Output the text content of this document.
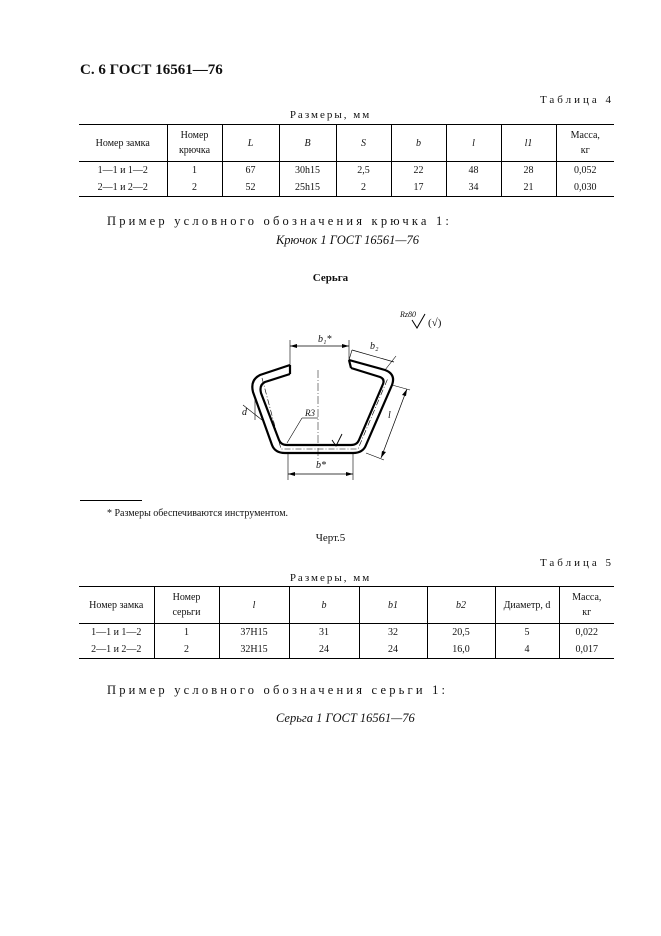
С. 6 ГОСТ 16561—76
Таблица 4
Размеры, мм
Номер замка	Номер крючка	L	B	S	b	l	l1	Масса, кг
1—1 и 1—2	1	67	30h15	2,5	22	48	28	0,052
2—1 и 2—2	2	52	25h15	2	17	34	21	0,030
Пример условного обозначения крючка 1:
Крючок 1 ГОСТ 16561—76
Серьга
b₁*
b₂
l
d	R3
b*
Rz80
(√)
* Размеры обеспечиваются инструментом.
Черт.5
Таблица 5
Размеры, мм
Номер замка	Номер серьги	l	b	b1	b2	Диаметр, d	Масса, кг
1—1 и 1—2	1	37H15	31	32	20,5	5	0,022
2—1 и 2—2	2	32H15	24	24	16,0	4	0,017
Пример условного обозначения серьги 1:
Серьга 1 ГОСТ 16561—76
